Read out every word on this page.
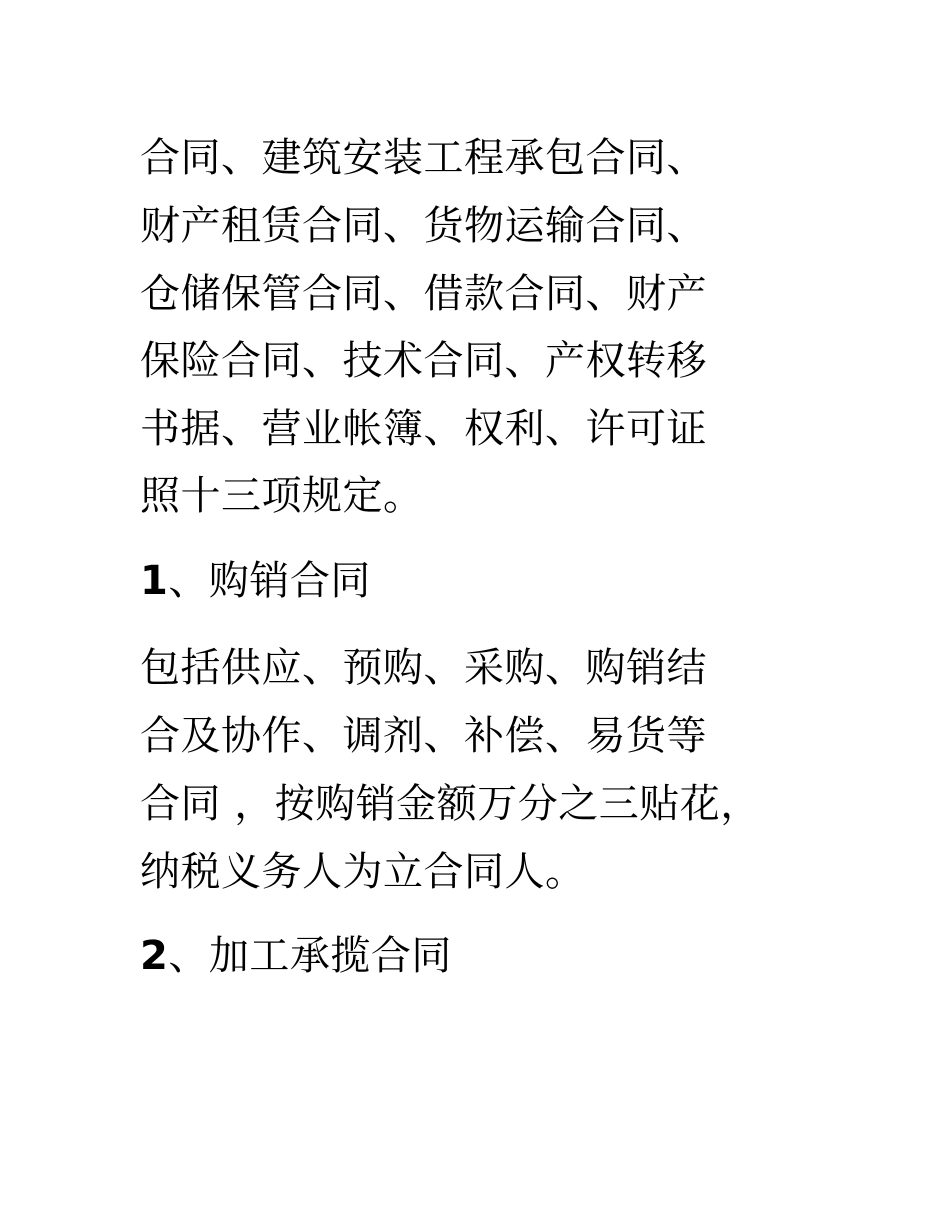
合同、建筑安装工程承包合同、
财产租赁合同、货物运输合同、
仓储保管合同、借款合同、财产
保险合同、技术合同、产权转移
书据、营业帐簿、权利、许可证
照十三项规定。
1、购销合同
包括供应、预购、采购、购销结
合及协作、调剂、补偿、易货等
合同 ，按购销金额万分之三贴花，
纳税义务人为立合同人。
2、加工承揽合同
